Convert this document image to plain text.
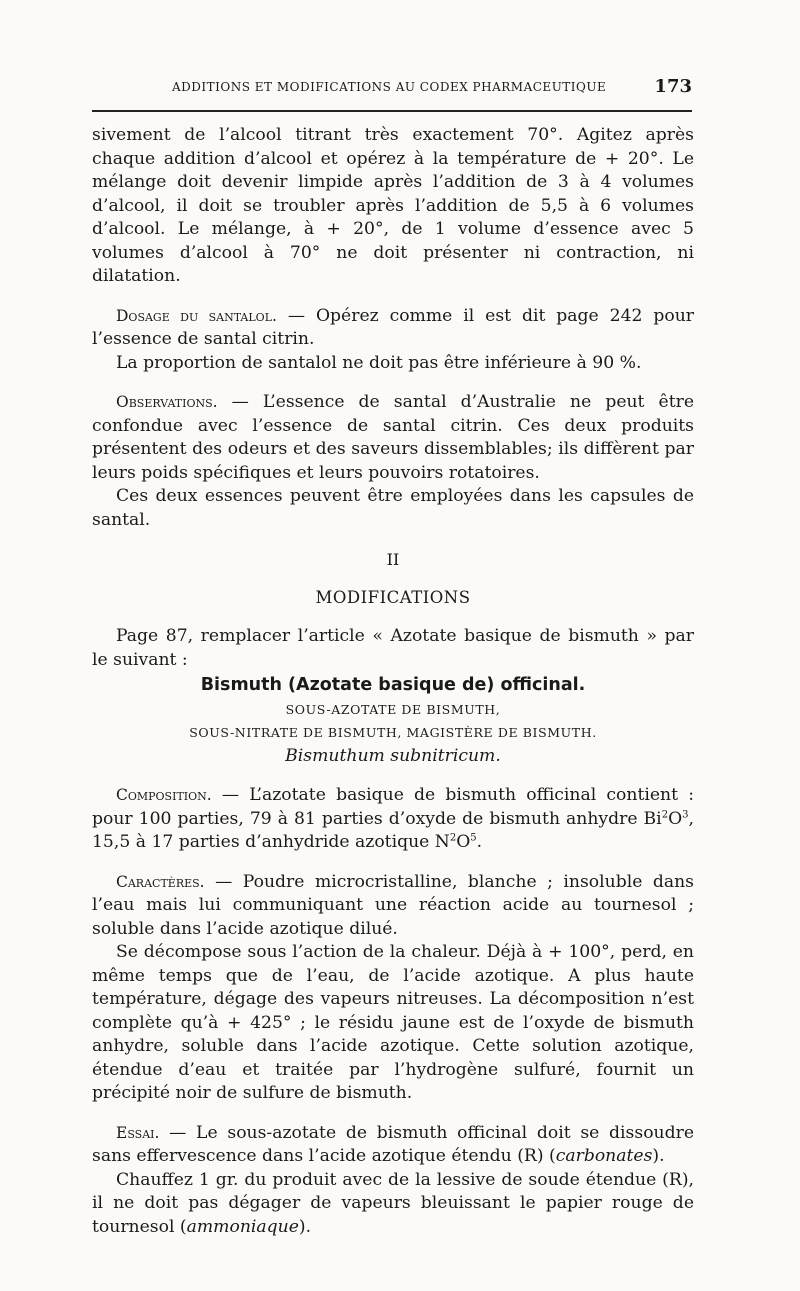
ADDITIONS ET MODIFICATIONS AU CODEX PHARMACEUTIQUE	173

sivement de l’alcool titrant très exactement 70°. Agitez après chaque addition d’alcool et opérez à la température de + 20°. Le mélange doit devenir limpide après l’addition de 3 à 4 volumes d’alcool, il doit se troubler après l’addition de 5,5 à 6 volumes d’alcool. Le mélange, à + 20°, de 1 volume d’essence avec 5 volumes d’alcool à 70° ne doit présenter ni contraction, ni dilatation.

Dosage du santalol. — Opérez comme il est dit page 242 pour l’essence de santal citrin.

La proportion de santalol ne doit pas être inférieure à 90 %.

Observations. — L’essence de santal d’Australie ne peut être confondue avec l’essence de santal citrin. Ces deux produits présentent des odeurs et des saveurs dissemblables; ils diffèrent par leurs poids spécifiques et leurs pouvoirs rotatoires.

Ces deux essences peuvent être employées dans les capsules de santal.

II

MODIFICATIONS

Page 87, remplacer l’article « Azotate basique de bismuth » par le suivant :

Bismuth (Azotate basique de) officinal.

SOUS-AZOTATE DE BISMUTH,

SOUS-NITRATE DE BISMUTH, MAGISTÈRE DE BISMUTH.

Bismuthum subnitricum.

Composition. — L’azotate basique de bismuth officinal contient : pour 100 parties, 79 à 81 parties d’oxyde de bismuth anhydre $Bi^2O^3$, 15,5 à 17 parties d’anhydride azotique $N^2O^5$.

Caractères. — Poudre microcristalline, blanche ; insoluble dans l’eau mais lui communiquant une réaction acide au tournesol ; soluble dans l’acide azotique dilué.

Se décompose sous l’action de la chaleur. Déjà à + 100°, perd, en même temps que de l’eau, de l’acide azotique. A plus haute température, dégage des vapeurs nitreuses. La décomposition n’est complète qu’à + 425° ; le résidu jaune est de l’oxyde de bismuth anhydre, soluble dans l’acide azotique. Cette solution azotique, étendue d’eau et traitée par l’hydrogène sulfuré, fournit un précipité noir de sulfure de bismuth.

Essai. — Le sous-azotate de bismuth officinal doit se dissoudre sans effervescence dans l’acide azotique étendu (R) (carbonates).

Chauffez 1 gr. du produit avec de la lessive de soude étendue (R), il ne doit pas dégager de vapeurs bleuissant le papier rouge de tournesol (ammoniaque).
